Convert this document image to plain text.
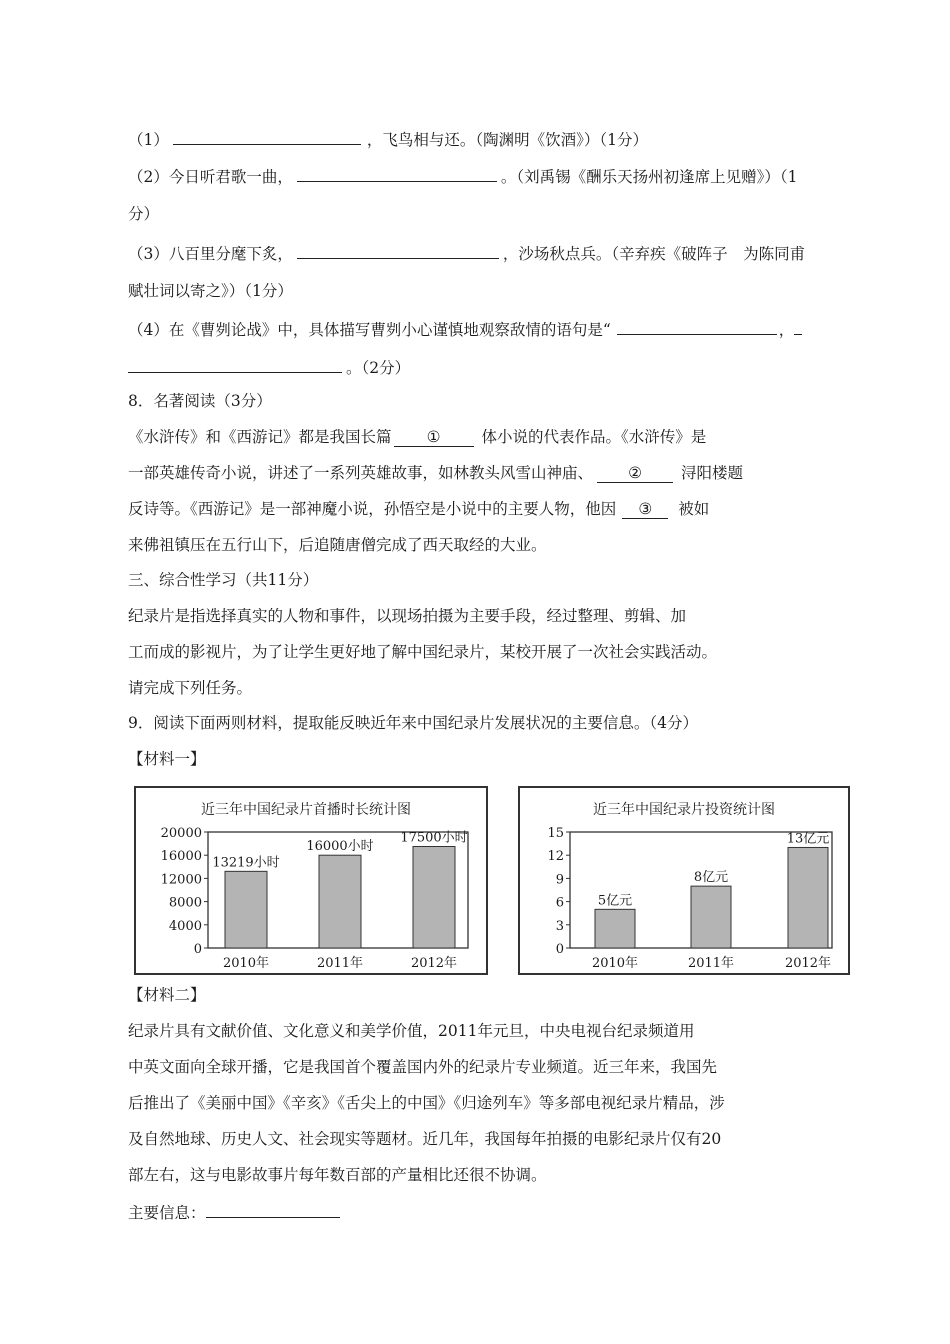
（1）	，飞鸟相与还。（陶渊明《饮酒》）（1分）
（2）今日听君歌一曲，	。（刘禹锡《酬乐天扬州初逢席上见赠》）（1
分）
（3）八百里分麾下炙，	，沙场秋点兵。（辛弃疾《破阵子　为陈同甫
赋壮词以寄之》）（1分）
（4）在《曹刿论战》中，具体描写曹刿小心谨慎地观察敌情的语句是“	，
。（2分）
8．名著阅读（3分）
《水浒传》和《西游记》都是我国长篇 ①	体小说的代表作品。《水浒传》是
一部英雄传奇小说，讲述了一系列英雄故事，如林教头风雪山神庙、 ②	浔阳楼题
反诗等。《西游记》是一部神魔小说，孙悟空是小说中的主要人物，他因 ③ 被如
来佛祖镇压在五行山下，后追随唐僧完成了西天取经的大业。
三、综合性学习（共11分）
纪录片是指选择真实的人物和事件，以现场拍摄为主要手段，经过整理、剪辑、加
工而成的影视片，为了让学生更好地了解中国纪录片，某校开展了一次社会实践活动。
请完成下列任务。
9．阅读下面两则材料，提取能反映近年来中国纪录片发展状况的主要信息。（4分）
【材料一】
近三年中国纪录片首播时长统计图
0
4000
8000
12000
16000
20000
13219小时
2010年
16000小时
2011年
17500小时
2012年
近三年中国纪录片投资统计图
0
3
6
9
12
15
5亿元
2010年
8亿元
2011年
13亿元
2012年
【材料二】
纪录片具有文献价值、文化意义和美学价值，2011年元旦，中央电视台纪录频道用
中英文面向全球开播，它是我国首个覆盖国内外的纪录片专业频道。近三年来，我国先
后推出了《美丽中国》《辛亥》《舌尖上的中国》《归途列车》等多部电视纪录片精品，涉
及自然地球、历史人文、社会现实等题材。近几年，我国每年拍摄的电影纪录片仅有20
部左右，这与电影故事片每年数百部的产量相比还很不协调。
主要信息：
